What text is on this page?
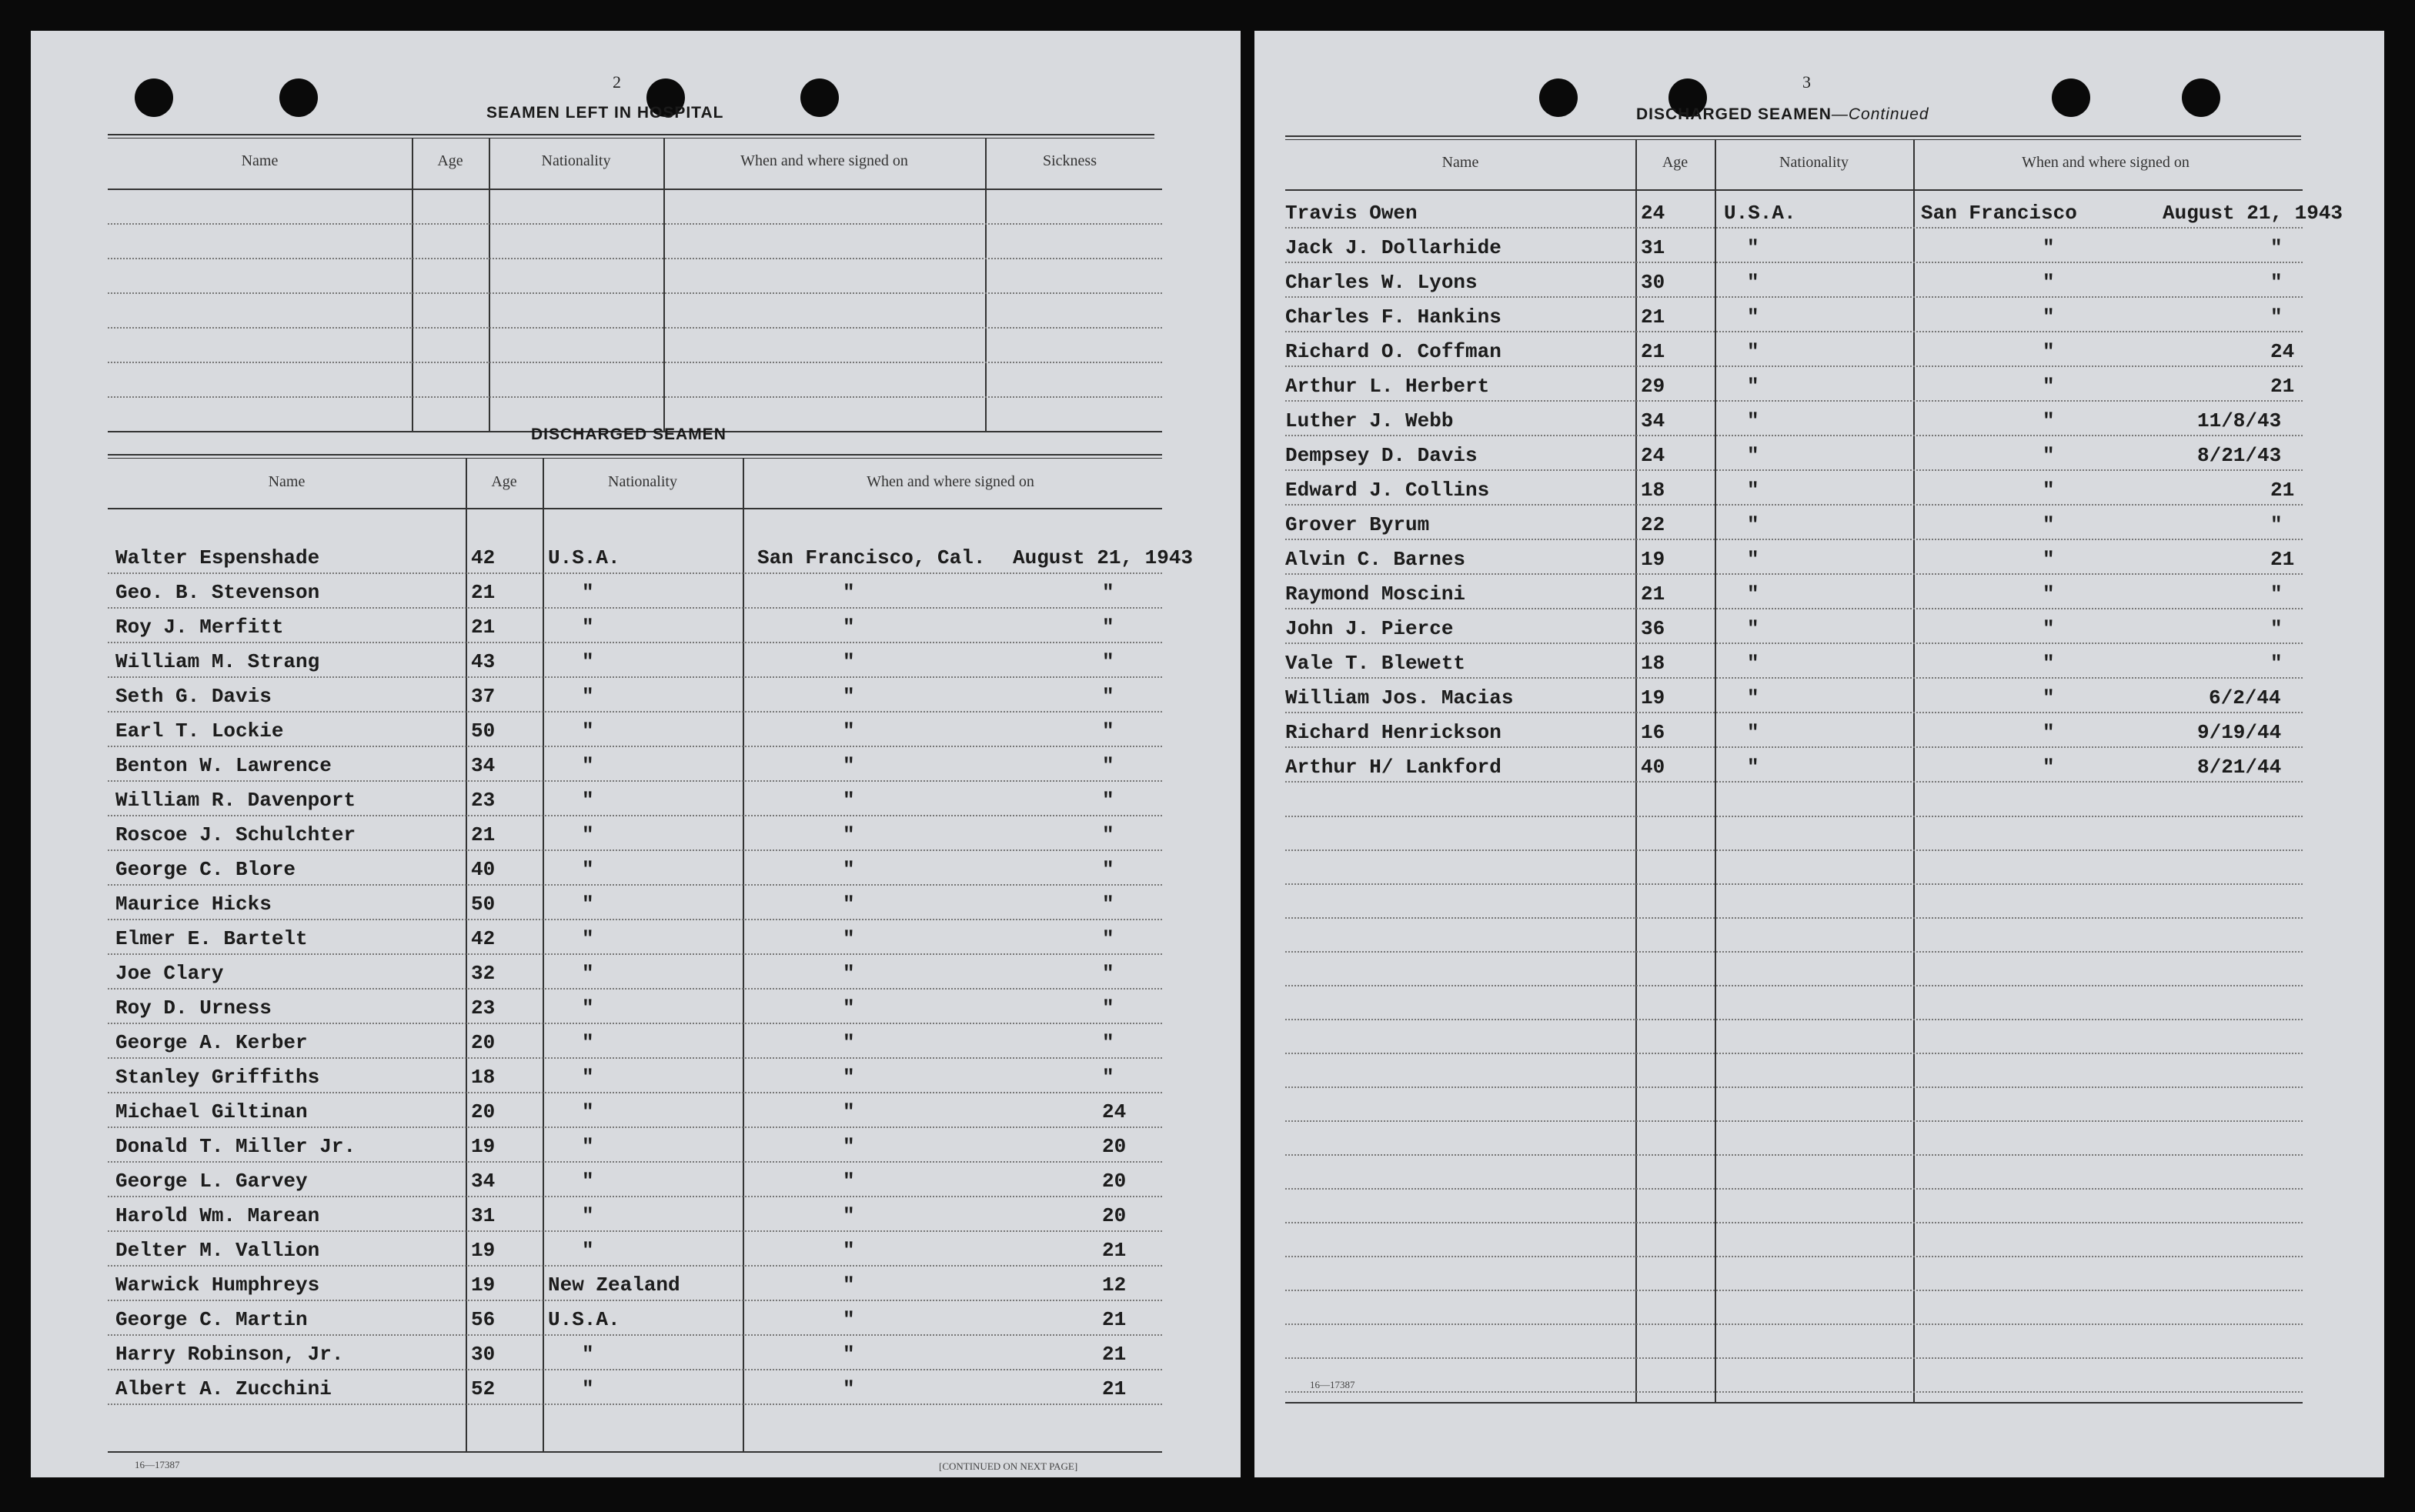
2
SEAMEN LEFT IN HOSPITAL
Name	Age	Nationality	When and where signed on	Sickness
DISCHARGED SEAMEN
Name	Age	Nationality	When and where signed on
Walter Espenshade	42	U.S.A.	San Francisco, Cal. August 21, 1943
Geo. B. Stevenson	21	"	"	"
Roy J. Merfitt	21	"	"	"
William M. Strang	43	"	"	"
Seth G. Davis	37	"	"	"
Earl T. Lockie	50	"	"	"
Benton W. Lawrence	34	"	"	"
William R. Davenport	23	"	"	"
Roscoe J. Schulchter	21	"	"	"
George C. Blore	40	"	"	"
Maurice Hicks	50	"	"	"
Elmer E. Bartelt	42	"	"	"
Joe Clary	32	"	"	"
Roy D. Urness	23	"	"	"
George A. Kerber	20	"	"	"
Stanley Griffiths	18	"	"	"
Michael Giltinan	20	"	"	24
Donald T. Miller Jr.	19	"	"	20
George L. Garvey	34	"	"	20
Harold Wm. Marean	31	"	"	20
Delter M. Vallion	19	"	"	21
Warwick Humphreys	19	New Zealand	"	12
George C. Martin	56	U.S.A.	"	21
Harry Robinson, Jr.	30	"	"	21
Albert A. Zucchini	52	"	"	21
16—17387	[CONTINUED ON NEXT PAGE]
3
DISCHARGED SEAMEN—Continued
Name	Age	Nationality	When and where signed on
Travis Owen	24	U.S.A.	San Francisco	August 21, 1943
Jack J. Dollarhide	31	"	"	"
Charles W. Lyons	30	"	"	"
Charles F. Hankins	21	"	"	"
Richard O. Coffman	21	"	"	24
Arthur L. Herbert	29	"	"	21
Luther J. Webb	34	"	"	11/8/43
Dempsey D. Davis	24	"	"	8/21/43
Edward J. Collins	18	"	"	21
Grover Byrum	22	"	"	"
Alvin C. Barnes	19	"	"	21
Raymond Moscini	21	"	"	"
John J. Pierce	36	"	"	"
Vale T. Blewett	18	"	"	"
William Jos. Macias	19	"	"	6/2/44
Richard Henrickson	16	"	"	9/19/44
Arthur H/ Lankford	40	"	"	8/21/44
16—17387
